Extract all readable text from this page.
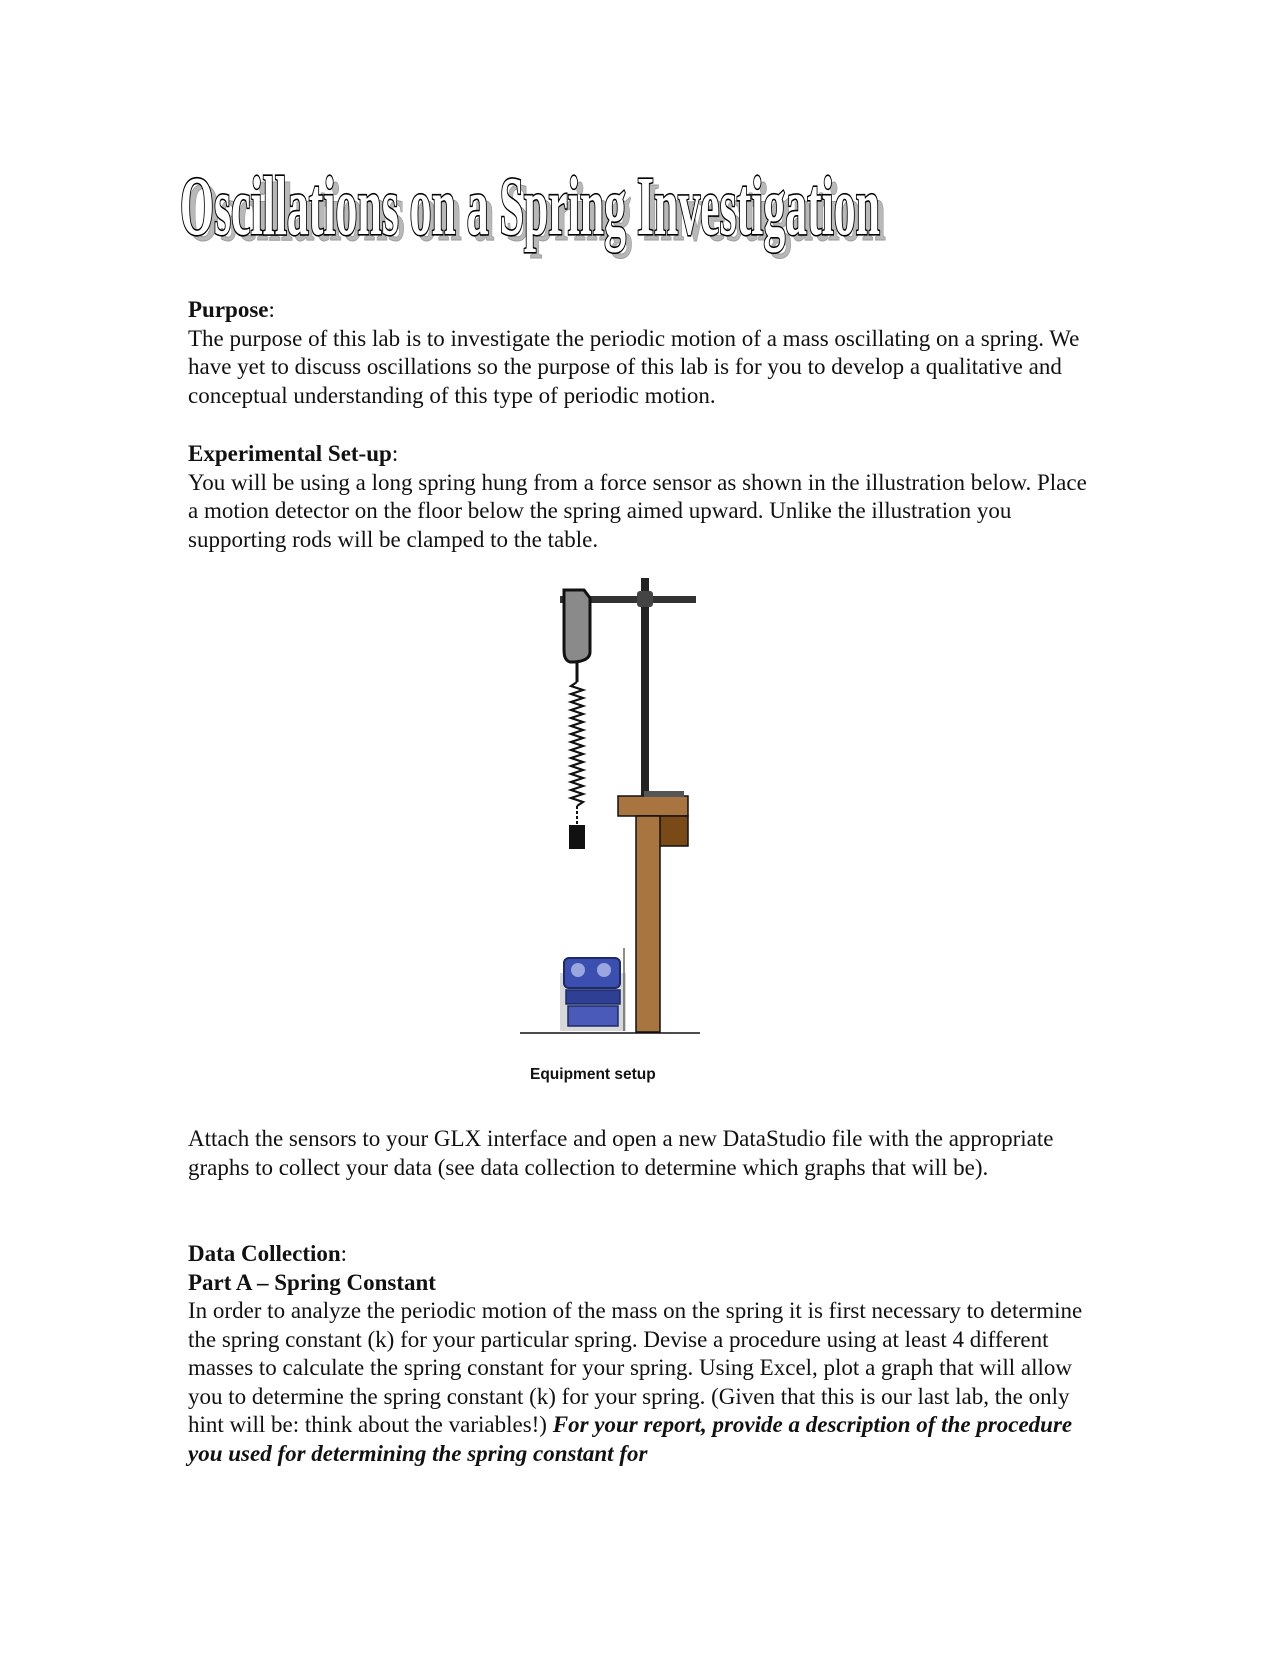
Oscillations on a Spring Investigation
Oscillations on a Spring Investigation
Oscillations on a Spring Investigation

Purpose:

The purpose of this lab is to investigate the periodic motion of a mass oscillating on a spring. We have yet to discuss oscillations so the purpose of this lab is for you to develop a qualitative and conceptual understanding of this type of periodic motion.

Experimental Set-up:

You will be using a long spring hung from a force sensor as shown in the illustration below. Place a motion detector on the floor below the spring aimed upward. Unlike the illustration you supporting rods will be clamped to the table.

Equipment setup

Attach the sensors to your GLX interface and open a new DataStudio file with the appropriate graphs to collect your data (see data collection to determine which graphs that will be).

Data Collection:

Part A – Spring Constant

In order to analyze the periodic motion of the mass on the spring it is first necessary to determine the spring constant (k) for your particular spring. Devise a procedure using at least 4 different masses to calculate the spring constant for your spring. Using Excel, plot a graph that will allow you to determine the spring constant (k) for your spring. (Given that this is our last lab, the only hint will be: think about the variables!) For your report, provide a description of the procedure you used for determining the spring constant for
